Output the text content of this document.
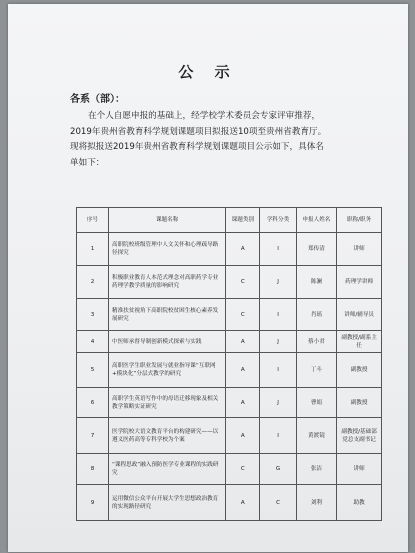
公 示
各系（部）：

在个人自愿申报的基础上，经学校学术委员会专家评审推荐，

2019年贵州省教育科学规划课题项目拟报送10项至贵州省教育厅。

现将拟报送2019年贵州省教育科学规划课题项目公示如下，具体名

单如下：

序号	课题名称	课题类别	学科分类	申报人姓名	职称/职务
1	高职院校班级管理中人文关怀和心理疏导路径探究	A	I	郑传清	讲师
2	积极职业教育人本范式理念对高职药学专业药理学教学质量的影响研究	C	J	陈澜	药理学讲师
3	精准扶贫视角下高职院校贫困生核心素养发展研究	C	I	肖瑶	讲师/辅导员
4	中医师承督导制创新模式探索与实践	A	J	蔡小君	副教授/副系主任
5	高职医学生职业发展与就业指导课“互联网+模块化”分层式教学的研究	A	I	丁斗	副教授
6	高职学生英语写作中的母语迁移现象及相关教学策略实证研究	A	J	曹娟	副教授
7	医学院校大语文教育平台的构建研究——以遵义医药高等专科学校为个案	A	I	黄渡镜	副教授/基础部党总支副书记
8	“课程思政”融入预防医学专业课程的实践研究	C	G	张洁	讲师
9	运用微信公众平台开展大学生思想政治教育的实现路径研究	A	C	刘利	助教
